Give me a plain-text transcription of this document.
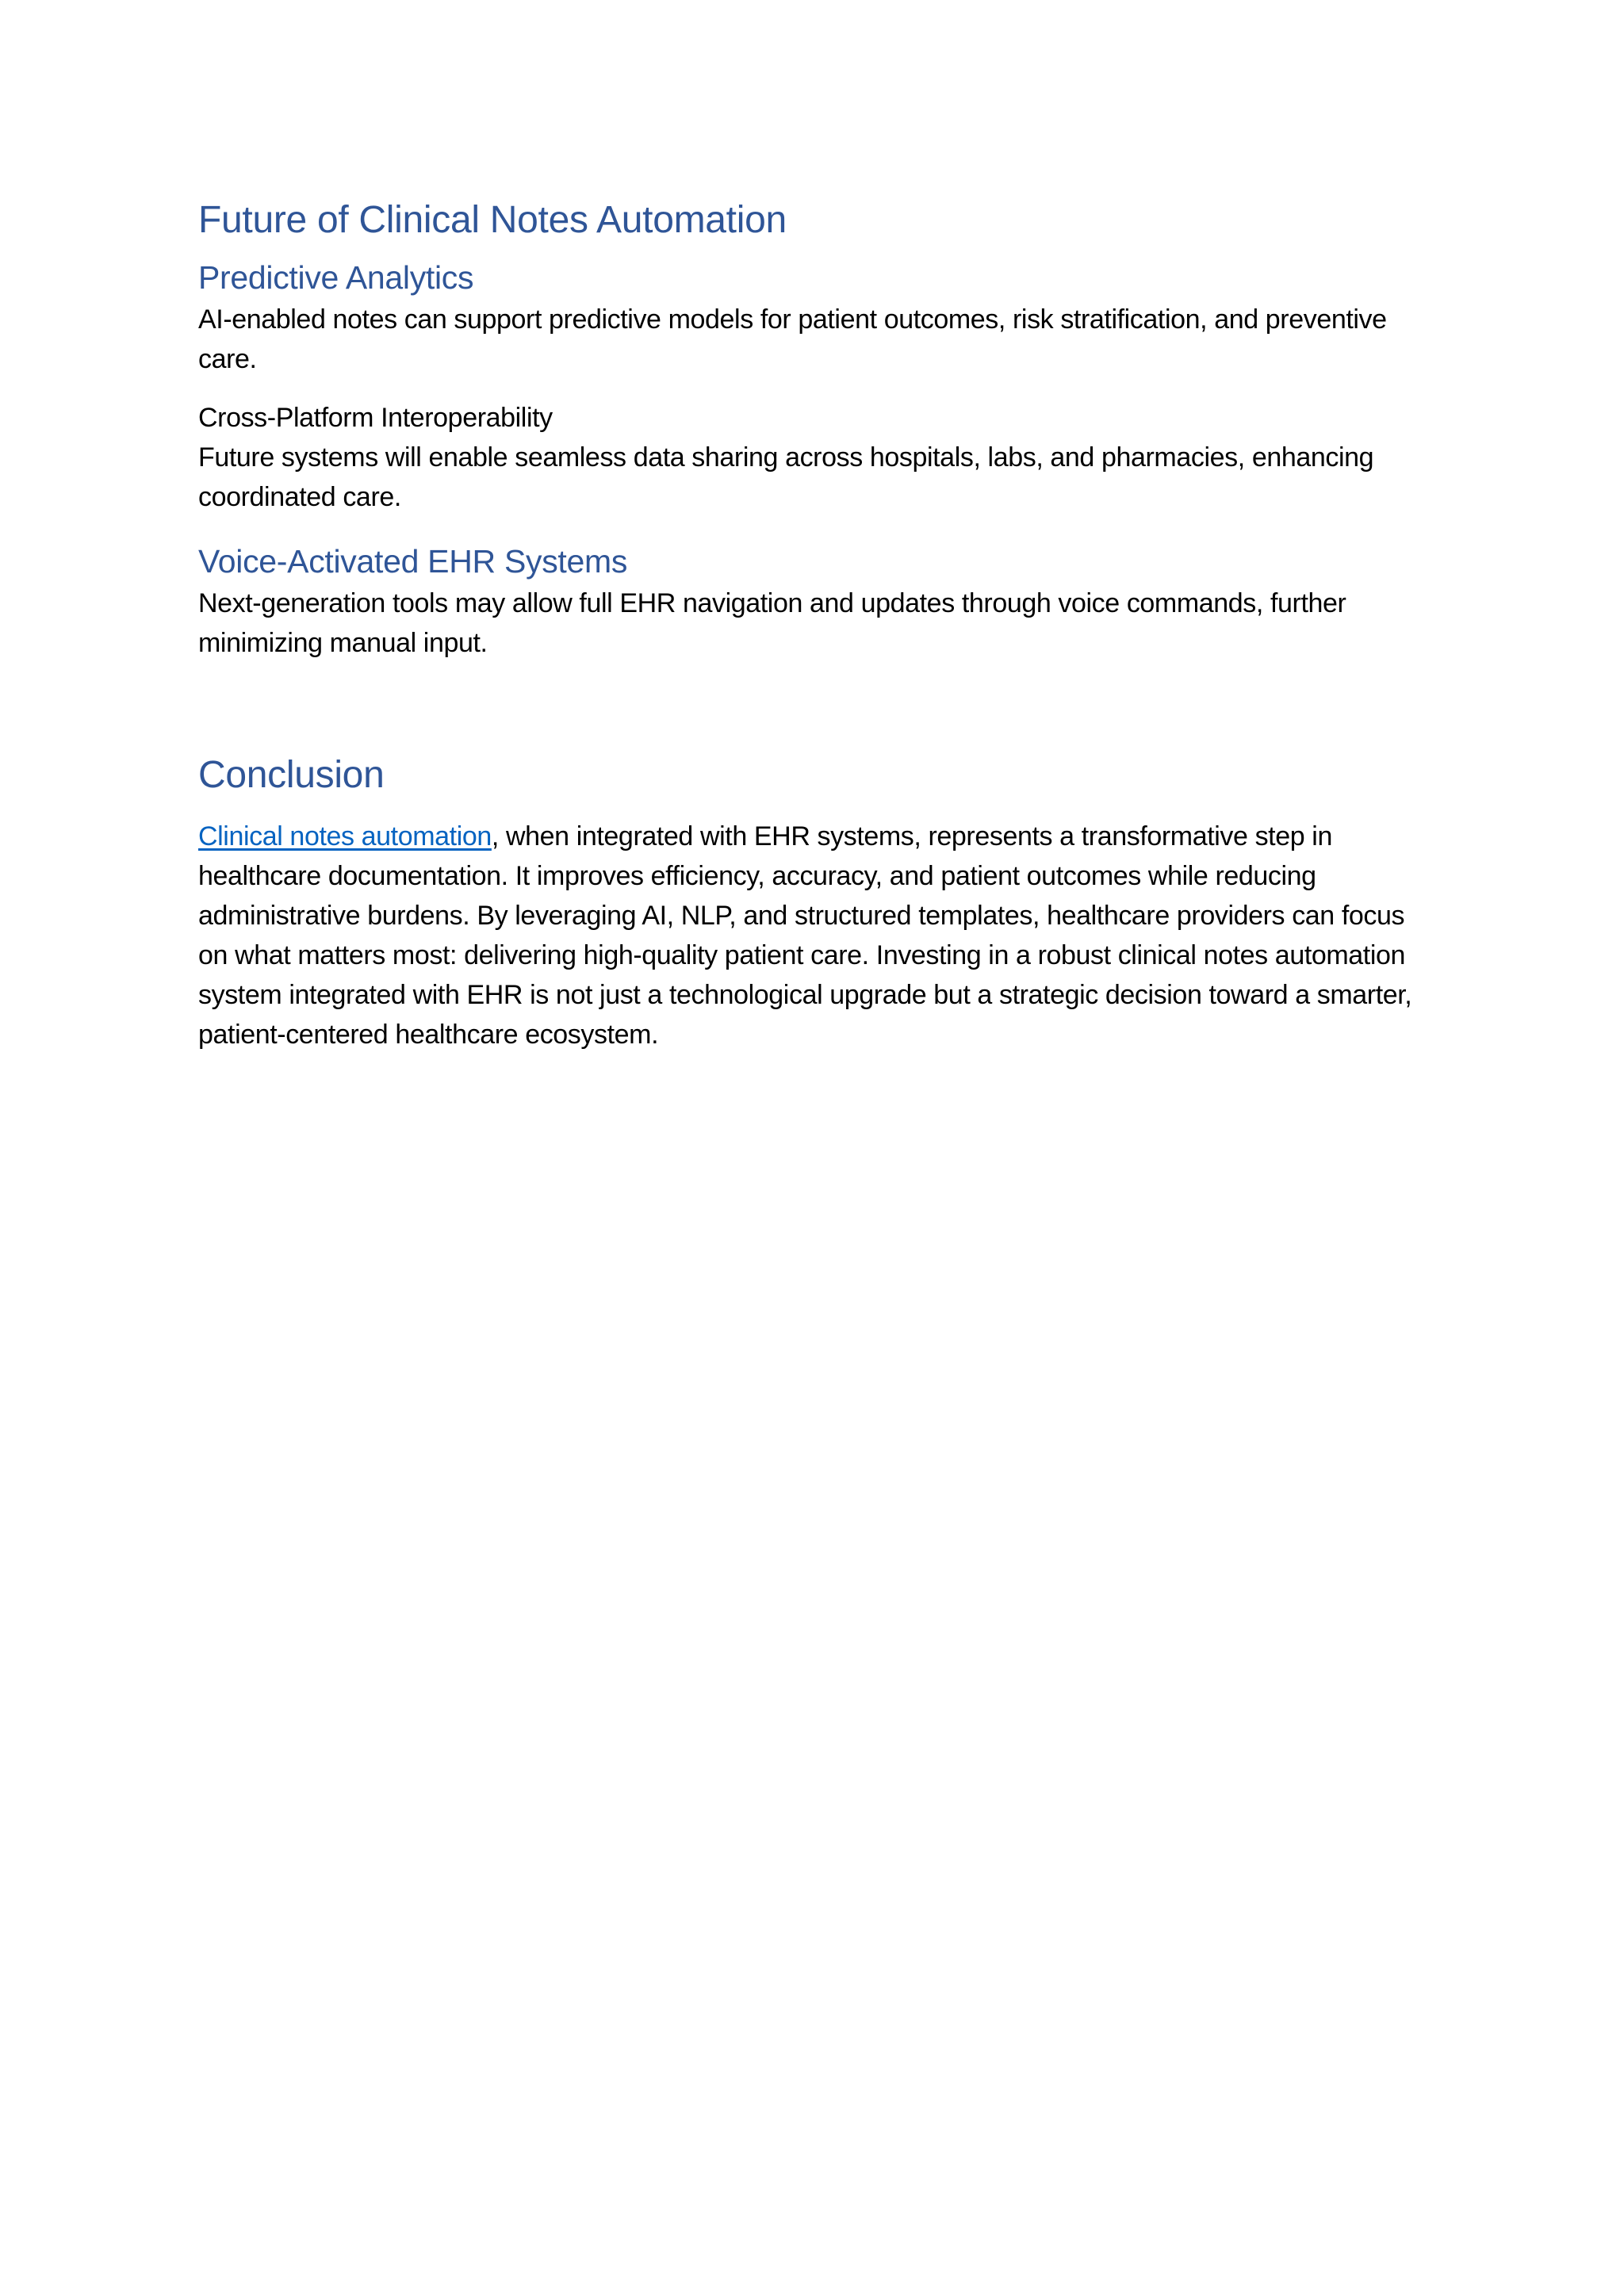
Future of Clinical Notes Automation
Predictive Analytics

AI-enabled notes can support predictive models for patient outcomes, risk stratification, and preventive care.

Cross-Platform Interoperability

Future systems will enable seamless data sharing across hospitals, labs, and pharmacies, enhancing coordinated care.

Voice-Activated EHR Systems

Next-generation tools may allow full EHR navigation and updates through voice commands, further minimizing manual input.

Conclusion

Clinical notes automation, when integrated with EHR systems, represents a transformative step in healthcare documentation. It improves efficiency, accuracy, and patient outcomes while reducing administrative burdens. By leveraging AI, NLP, and structured templates, healthcare providers can focus on what matters most: delivering high-quality patient care. Investing in a robust clinical notes automation system integrated with EHR is not just a technological upgrade but a strategic decision toward a smarter, patient-centered healthcare ecosystem.
